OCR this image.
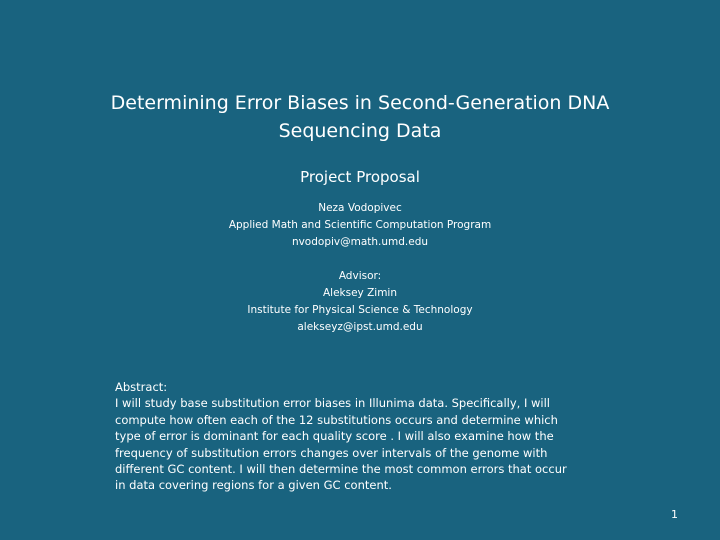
Determining Error Biases in Second-Generation DNA
Sequencing Data
Project Proposal
Neza Vodopivec
Applied Math and Scientific Computation Program
nvodopiv@math.umd.edu
Advisor:
Aleksey Zimin
Institute for Physical Science & Technology
alekseyz@ipst.umd.edu
Abstract:
I will study base substitution error biases in Illunima data. Specifically, I will
compute how often each of the 12 substitutions occurs and determine which
type of error is dominant for each quality score . I will also examine how the
frequency of substitution errors changes over intervals of the genome with
different GC content. I will then determine the most common errors that occur
in data covering regions for a given GC content.
1
